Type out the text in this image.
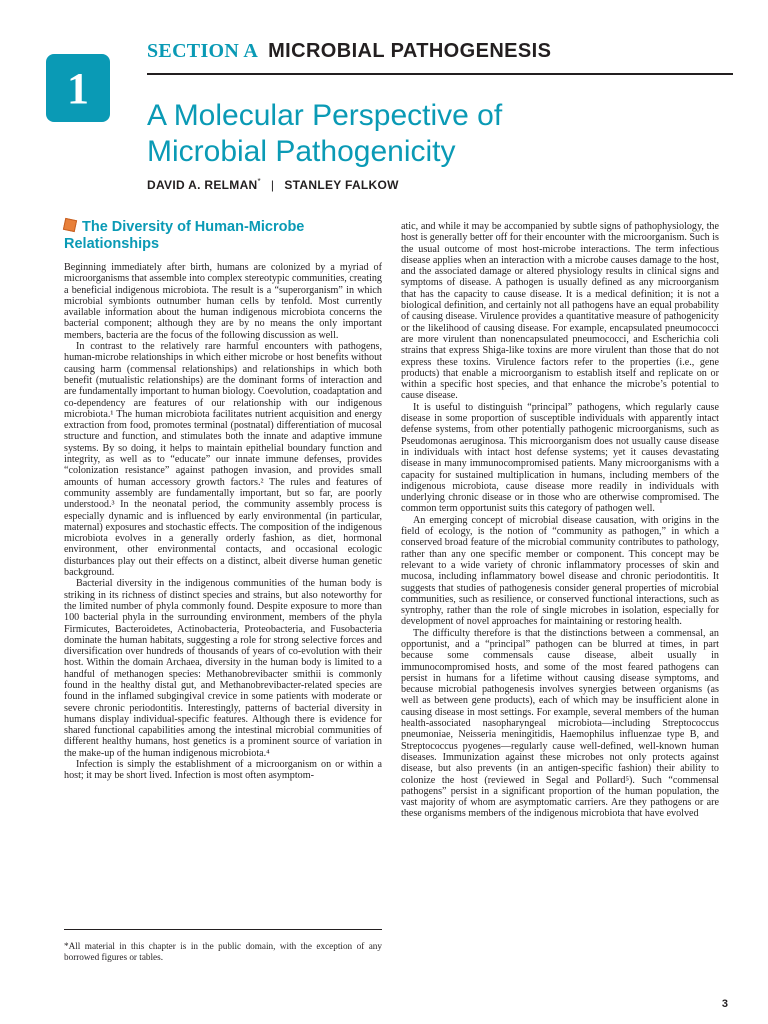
1
SECTION A MICROBIAL PATHOGENESIS
A Molecular Perspective of
Microbial Pathogenicity
DAVID A. RELMAN* | STANLEY FALKOW
The Diversity of Human-Microbe Relationships

Beginning immediately after birth, humans are colonized by a myriad of microorganisms that assemble into complex stereotypic communities, creating a beneficial indigenous microbiota. The result is a “superorganism” in which microbial symbionts outnumber human cells by tenfold. Most currently available information about the human indigenous microbiota concerns the bacterial component; although they are by no means the only important members, bacteria are the focus of the following discussion as well.

In contrast to the relatively rare harmful encounters with pathogens, human-microbe relationships in which either microbe or host benefits without causing harm (commensal relationships) and relationships in which both benefit (mutualistic relationships) are the dominant forms of interaction and are fundamentally important to human biology. Coevolution, coadaptation and co-dependency are features of our relationship with our indigenous microbiota.¹ The human microbiota facilitates nutrient acquisition and energy extraction from food, promotes terminal (postnatal) differentiation of mucosal structure and function, and stimulates both the innate and adaptive immune systems. By so doing, it helps to maintain epithelial boundary function and integrity, as well as to “educate” our innate immune defenses, provides “colonization resistance” against pathogen invasion, and provides small amounts of human accessory growth factors.² The rules and features of community assembly are fundamentally important, but so far, are poorly understood.³ In the neonatal period, the community assembly process is especially dynamic and is influenced by early environmental (in particular, maternal) exposures and stochastic effects. The composition of the indigenous microbiota evolves in a generally orderly fashion, as diet, hormonal environment, other environmental contacts, and occasional ecologic disturbances play out their effects on a distinct, albeit diverse human genetic background.

Bacterial diversity in the indigenous communities of the human body is striking in its richness of distinct species and strains, but also noteworthy for the limited number of phyla commonly found. Despite exposure to more than 100 bacterial phyla in the surrounding environment, members of the phyla Firmicutes, Bacteroidetes, Actinobacteria, Proteobacteria, and Fusobacteria dominate the human habitats, suggesting a role for strong selective forces and diversification over hundreds of thousands of years of co-evolution with their host. Within the domain Archaea, diversity in the human body is limited to a handful of methanogen species: Methanobrevibacter smithii is commonly found in the healthy distal gut, and Methanobrevibacter-related species are found in the inflamed subgingival crevice in some patients with moderate or severe chronic periodontitis. Interestingly, patterns of bacterial diversity in humans display individual-specific features. Although there is evidence for shared functional capabilities among the intestinal microbial communities of different healthy humans, host genetics is a prominent source of variation in the make-up of the human indigenous microbiota.⁴

Infection is simply the establishment of a microorganism on or within a host; it may be short lived. Infection is most often asymptom-

atic, and while it may be accompanied by subtle signs of pathophysiology, the host is generally better off for their encounter with the microorganism. Such is the usual outcome of most host-microbe interactions. The term infectious disease applies when an interaction with a microbe causes damage to the host, and the associated damage or altered physiology results in clinical signs and symptoms of disease. A pathogen is usually defined as any microorganism that has the capacity to cause disease. It is a medical definition; it is not a biological definition, and certainly not all pathogens have an equal probability of causing disease. Virulence provides a quantitative measure of pathogenicity or the likelihood of causing disease. For example, encapsulated pneumococci are more virulent than nonencapsulated pneumococci, and Escherichia coli strains that express Shiga-like toxins are more virulent than those that do not express these toxins. Virulence factors refer to the properties (i.e., gene products) that enable a microorganism to establish itself and replicate on or within a specific host species, and that enhance the microbe’s potential to cause disease.

It is useful to distinguish “principal” pathogens, which regularly cause disease in some proportion of susceptible individuals with apparently intact defense systems, from other potentially pathogenic microorganisms, such as Pseudomonas aeruginosa. This microorganism does not usually cause disease in individuals with intact host defense systems; yet it causes devastating disease in many immunocompromised patients. Many microorganisms with a capacity for sustained multiplication in humans, including members of the indigenous microbiota, cause disease more readily in individuals with underlying chronic disease or in those who are otherwise compromised. The common term opportunist suits this category of pathogen well.

An emerging concept of microbial disease causation, with origins in the field of ecology, is the notion of “community as pathogen,” in which a conserved broad feature of the microbial community contributes to pathology, rather than any one specific member or component. This concept may be relevant to a wide variety of chronic inflammatory processes of skin and mucosa, including inflammatory bowel disease and chronic periodontitis. It suggests that studies of pathogenesis consider general properties of microbial communities, such as resilience, or conserved functional interactions, such as syntrophy, rather than the role of single microbes in isolation, especially for development of novel approaches for maintaining or restoring health.

The difficulty therefore is that the distinctions between a commensal, an opportunist, and a “principal” pathogen can be blurred at times, in part because some commensals cause disease, albeit usually in immunocompromised hosts, and some of the most feared pathogens can persist in humans for a lifetime without causing disease symptoms, and because microbial pathogenesis involves synergies between organisms (as well as between gene products), each of which may be insufficient alone in causing disease in most settings. For example, several members of the human health-associated nasopharyngeal microbiota—including Streptococcus pneumoniae, Neisseria meningitidis, Haemophilus influenzae type B, and Streptococcus pyogenes—regularly cause well-defined, well-known human diseases. Immunization against these microbes not only protects against disease, but also prevents (in an antigen-specific fashion) their ability to colonize the host (reviewed in Segal and Pollard⁵). Such “commensal pathogens” persist in a significant proportion of the human population, the vast majority of whom are asymptomatic carriers. Are they pathogens or are these organisms members of the indigenous microbiota that have evolved

*All material in this chapter is in the public domain, with the exception of any borrowed figures or tables.
3
